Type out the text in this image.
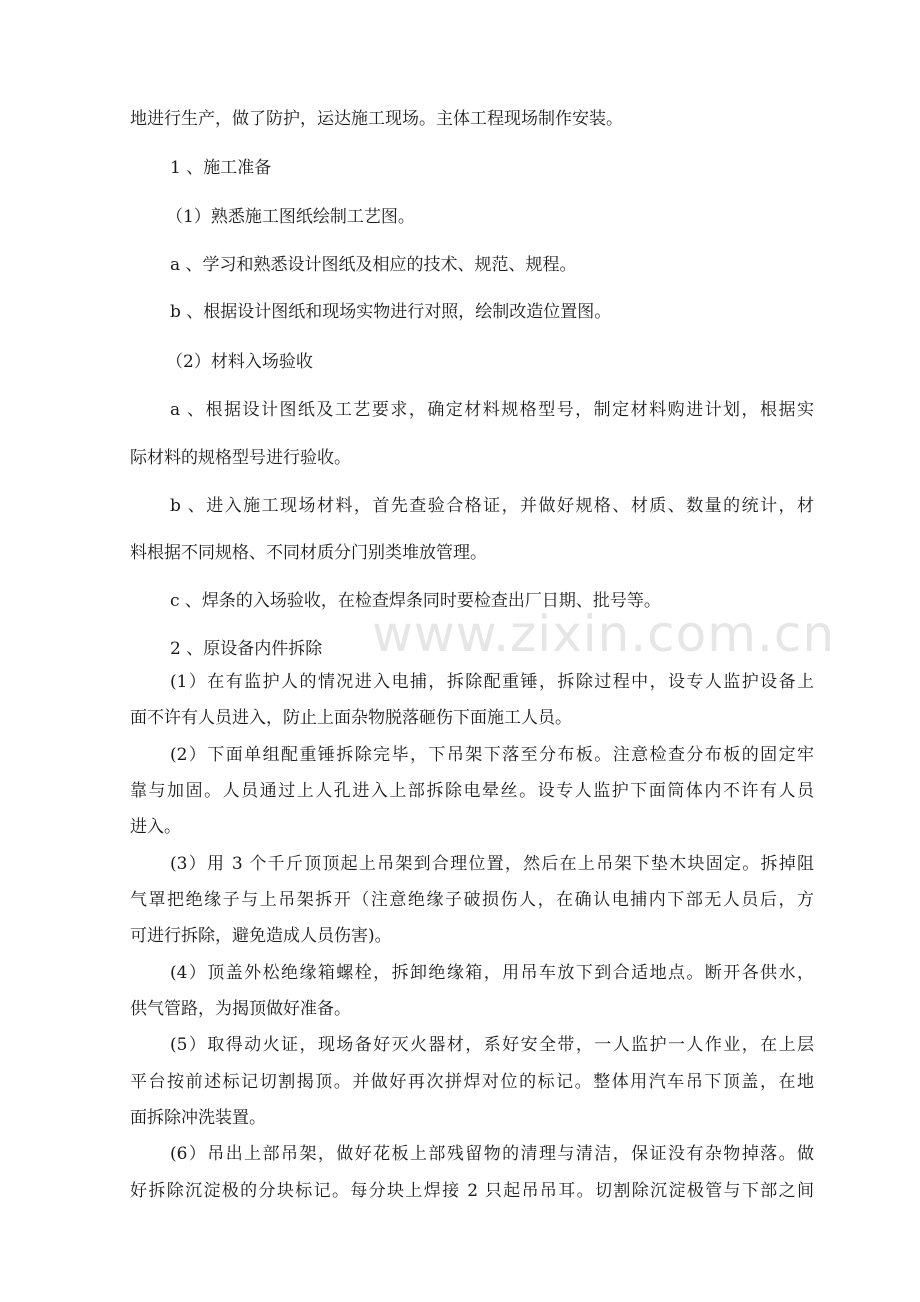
www.zixin.com.cn
地进行生产，做了防护，运达施工现场。主体工程现场制作安装。
1 、施工准备
（1）熟悉施工图纸绘制工艺图。
a 、学习和熟悉设计图纸及相应的技术、规范、规程。
b 、根据设计图纸和现场实物进行对照，绘制改造位置图。
（2）材料入场验收
a 、根据设计图纸及工艺要求，确定材料规格型号，制定材料购进计划，根据实
际材料的规格型号进行验收。
b 、进入施工现场材料，首先查验合格证，并做好规格、材质、数量的统计，材
料根据不同规格、不同材质分门别类堆放管理。
c 、焊条的入场验收，在检查焊条同时要检查出厂日期、批号等。
2 、原设备内件拆除
(1）在有监护人的情况进入电捕，拆除配重锤，拆除过程中，设专人监护设备上
面不许有人员进入，防止上面杂物脱落砸伤下面施工人员。
(2）下面单组配重锤拆除完毕，下吊架下落至分布板。注意检查分布板的固定牢
靠与加固。人员通过上人孔进入上部拆除电晕丝。设专人监护下面筒体内不许有人员
进入。
(3）用 3 个千斤顶顶起上吊架到合理位置，然后在上吊架下垫木块固定。拆掉阻
气罩把绝缘子与上吊架拆开（注意绝缘子破损伤人，在确认电捕内下部无人员后，方
可进行拆除，避免造成人员伤害)。
(4）顶盖外松绝缘箱螺栓，拆卸绝缘箱，用吊车放下到合适地点。断开各供水，
供气管路，为揭顶做好准备。
(5）取得动火证，现场备好灭火器材，系好安全带，一人监护一人作业，在上层
平台按前述标记切割揭顶。并做好再次拼焊对位的标记。整体用汽车吊下顶盖，在地
面拆除冲洗装置。
(6）吊出上部吊架，做好花板上部残留物的清理与清洁，保证没有杂物掉落。做
好拆除沉淀极的分块标记。每分块上焊接 2 只起吊吊耳。切割除沉淀极管与下部之间
